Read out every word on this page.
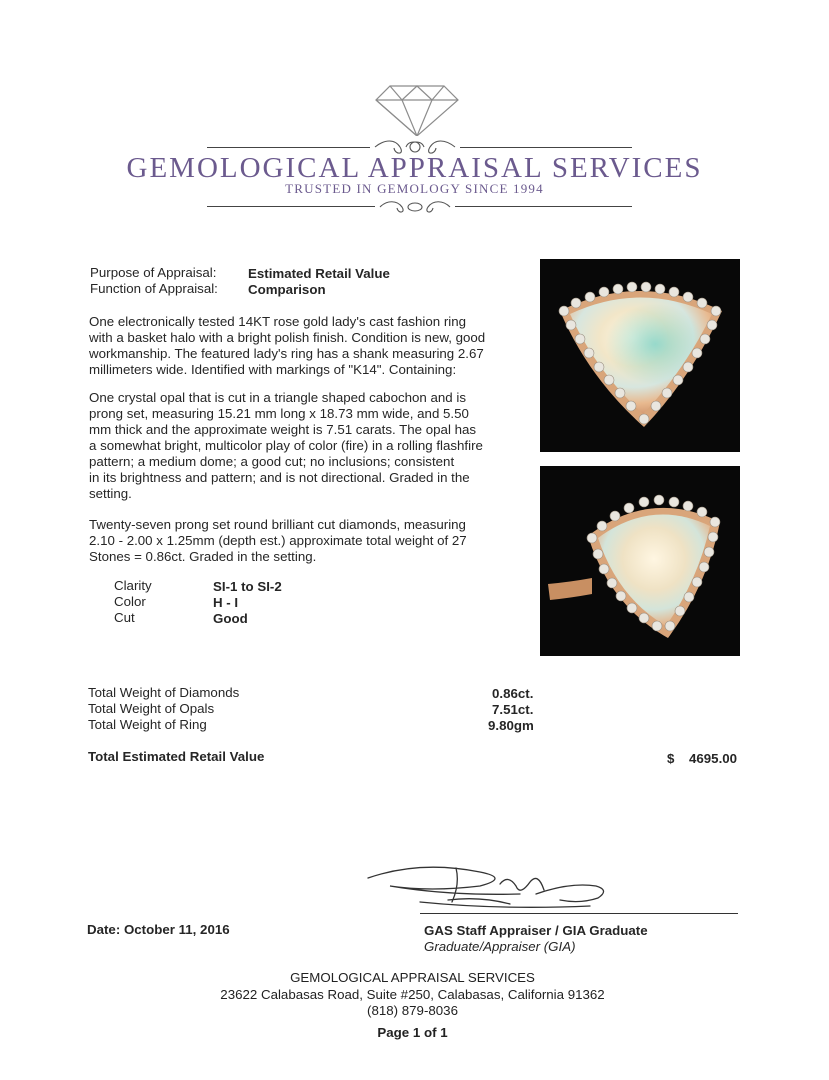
GEMOLOGICAL APPRAISAL SERVICES
TRUSTED IN GEMOLOGY SINCE 1994
Purpose of Appraisal: Estimated Retail Value
Function of Appraisal: Comparison
One electronically tested 14KT rose gold lady's cast fashion ring
with a basket halo with a bright polish finish. Condition is new, good
workmanship. The featured lady's ring has a shank measuring 2.67
millimeters wide. Identified with markings of "K14". Containing:
One crystal opal that is cut in a triangle shaped cabochon and is
prong set, measuring 15.21 mm long x 18.73 mm wide, and 5.50
mm thick and the approximate weight is 7.51 carats. The opal has
a somewhat bright, multicolor play of color (fire) in a rolling flashfire
pattern; a medium dome; a good cut; no inclusions; consistent
in its brightness and pattern; and is not directional. Graded in the
setting.
Twenty-seven prong set round brilliant cut diamonds, measuring
2.10 - 2.00 x 1.25mm (depth est.) approximate total weight of 27
Stones = 0.86ct. Graded in the setting.
Clarity	SI-1 to SI-2
Color	H - I
Cut	Good
Total Weight of Diamonds	0.86ct.
Total Weight of Opals	7.51ct.
Total Weight of Ring	9.80gm
Total Estimated Retail Value	$ 4695.00
Date: October 11, 2016	GAS Staff Appraiser / GIA Graduate
Graduate/Appraiser (GIA)
GEMOLOGICAL APPRAISAL SERVICES
23622 Calabasas Road, Suite #250, Calabasas, California 91362
(818) 879-8036
Page 1 of 1
